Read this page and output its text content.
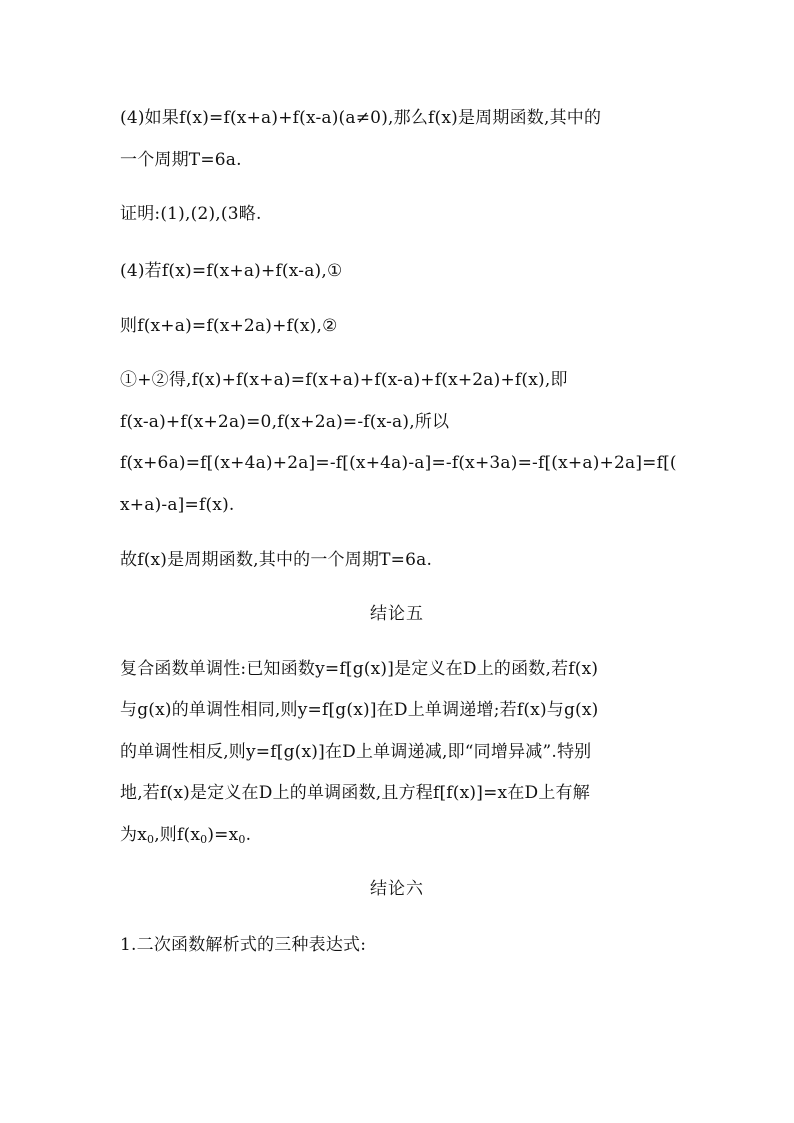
(4)如果f(x)=f(x+a)+f(x-a)(a≠0),那么f(x)是周期函数,其中的
一个周期T=6a.
证明:(1),(2),(3略.
(4)若f(x)=f(x+a)+f(x-a),①
则f(x+a)=f(x+2a)+f(x),②
①+②得,f(x)+f(x+a)=f(x+a)+f(x-a)+f(x+2a)+f(x),即
f(x-a)+f(x+2a)=0,f(x+2a)=-f(x-a),所以
f(x+6a)=f[(x+4a)+2a]=-f[(x+4a)-a]=-f(x+3a)=-f[(x+a)+2a]=f[(
x+a)-a]=f(x).
故f(x)是周期函数,其中的一个周期T=6a.
结论五
复合函数单调性:已知函数y=f[g(x)]是定义在D上的函数,若f(x)
与g(x)的单调性相同,则y=f[g(x)]在D上单调递增;若f(x)与g(x)
的单调性相反,则y=f[g(x)]在D上单调递减,即“同增异减”.特别
地,若f(x)是定义在D上的单调函数,且方程f[f(x)]=x在D上有解
为$x_0$,则$f(x_0)=x_0$.
结论六
1.二次函数解析式的三种表达式:
